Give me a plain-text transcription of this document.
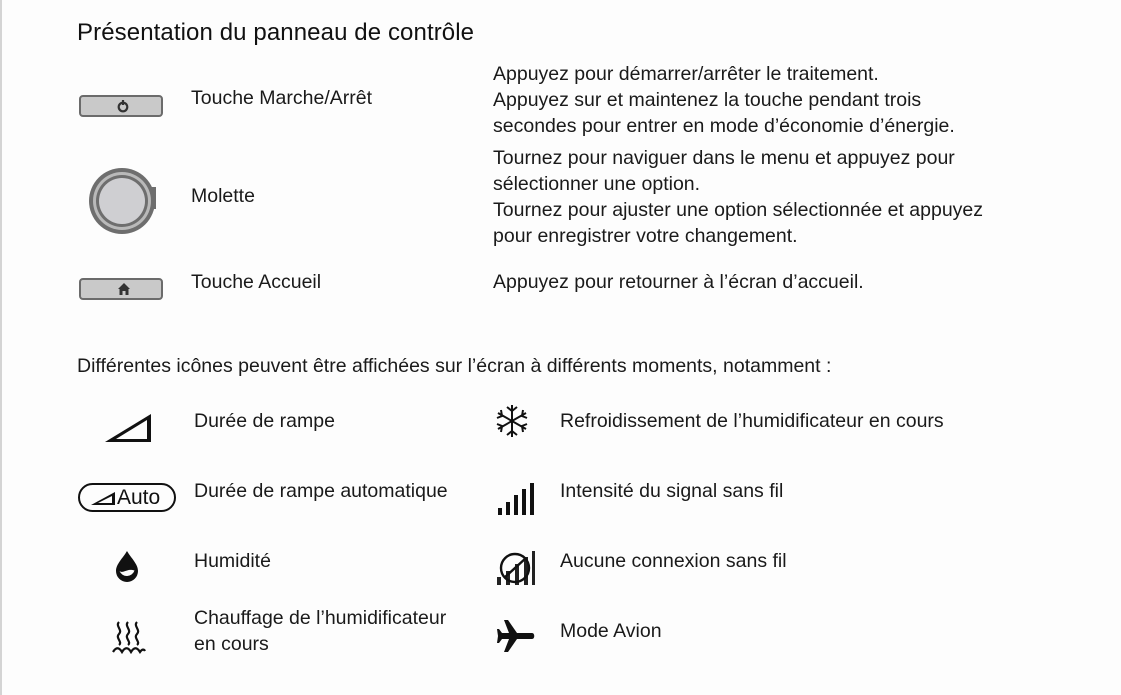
Présentation du panneau de contrôle
Touche Marche/Arrêt
Appuyez pour démarrer/arrêter le traitement.
Appuyez sur et maintenez la touche pendant trois
secondes pour entrer en mode d’économie d’énergie.
Molette
Tournez pour naviguer dans le menu et appuyez pour
sélectionner une option.
Tournez pour ajuster une option sélectionnée et appuyez
pour enregistrer votre changement.
Touche Accueil	Appuyez pour retourner à l’écran d’accueil.
Différentes icônes peuvent être affichées sur l’écran à différents moments, notamment :
Durée de rampe
Auto Durée de rampe automatique
Humidité
Chauffage de l’humidificateur
en cours
Refroidissement de l’humidificateur en cours
Intensité du signal sans fil
Aucune connexion sans fil
Mode Avion
